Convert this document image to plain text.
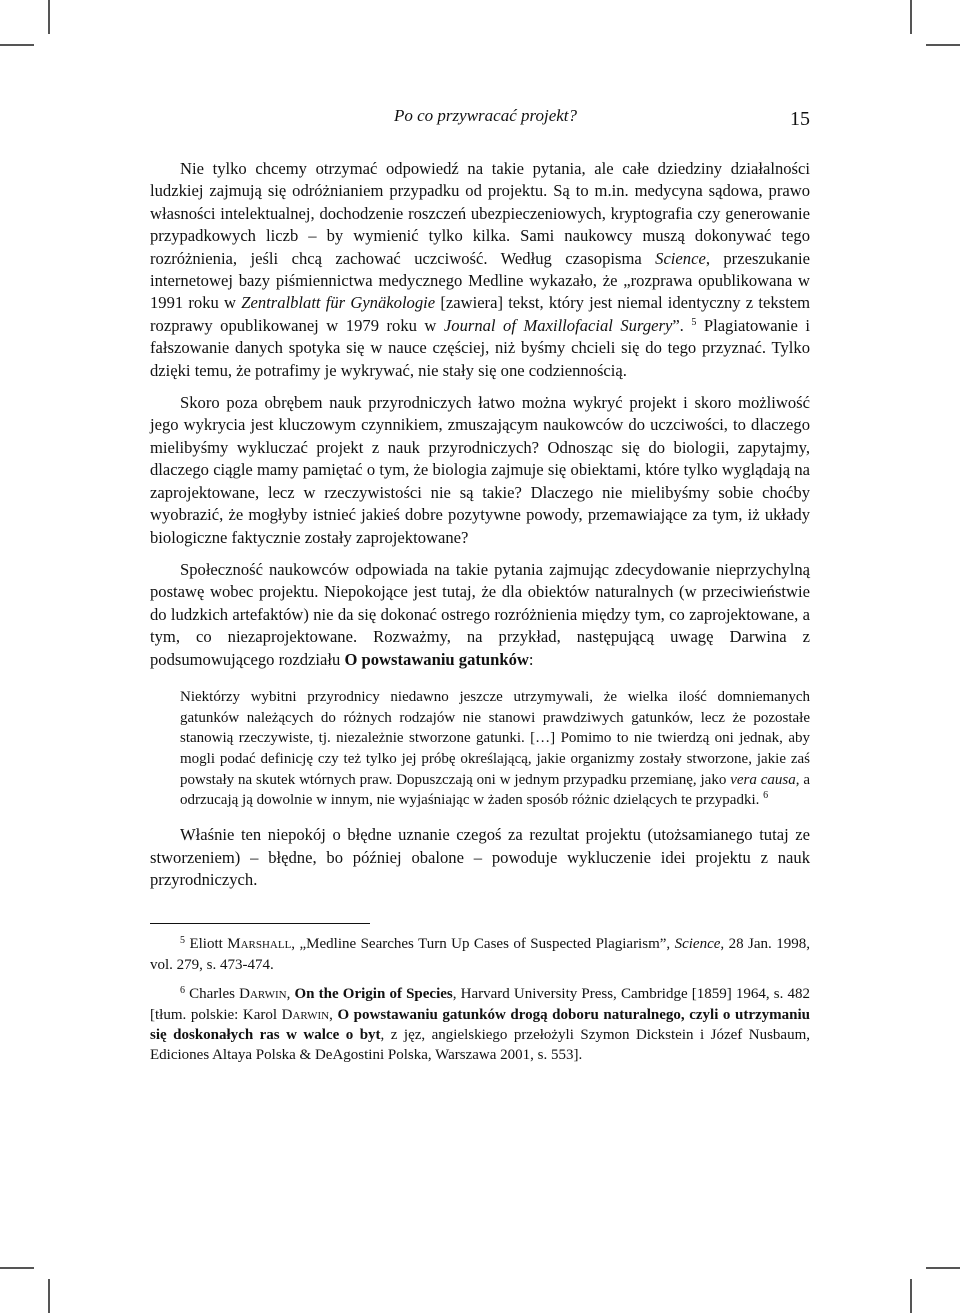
Po co przywracać projekt?	15

Nie tylko chcemy otrzymać odpowiedź na takie pytania, ale całe dziedziny działalności ludzkiej zajmują się odróżnianiem przypadku od projektu. Są to m.in. medycyna sądowa, prawo własności intelektualnej, dochodzenie roszczeń ubezpieczeniowych, kryptografia czy generowanie przypadkowych liczb – by wymienić tylko kilka. Sami naukowcy muszą dokonywać tego rozróżnienia, jeśli chcą zachować uczciwość. Według czasopisma Science, przeszukanie internetowej bazy piśmiennictwa medycznego Medline wykazało, że „rozprawa opublikowana w 1991 roku w Zentralblatt für Gynäkologie [zawiera] tekst, który jest niemal identyczny z tekstem rozprawy opublikowanej w 1979 roku w Journal of Maxillofacial Surgery”. $^5$ Plagiatowanie i fałszowanie danych spotyka się w nauce częściej, niż byśmy chcieli się do tego przyznać. Tylko dzięki temu, że potrafimy je wykrywać, nie stały się one codziennością.

Skoro poza obrębem nauk przyrodniczych łatwo można wykryć projekt i skoro możliwość jego wykrycia jest kluczowym czynnikiem, zmuszającym naukowców do uczciwości, to dlaczego mielibyśmy wykluczać projekt z nauk przyrodniczych? Odnosząc się do biologii, zapytajmy, dlaczego ciągle mamy pamiętać o tym, że biologia zajmuje się obiektami, które tylko wyglądają na zaprojektowane, lecz w rzeczywistości nie są takie? Dlaczego nie mielibyśmy sobie choćby wyobrazić, że mogłyby istnieć jakieś dobre pozytywne powody, przemawiające za tym, iż układy biologiczne faktycznie zostały zaprojektowane?

Społeczność naukowców odpowiada na takie pytania zajmując zdecydowanie nieprzychylną postawę wobec projektu. Niepokojące jest tutaj, że dla obiektów naturalnych (w przeciwieństwie do ludzkich artefaktów) nie da się dokonać ostrego rozróżnienia między tym, co zaprojektowane, a tym, co niezaprojektowane. Rozważmy, na przykład, następującą uwagę Darwina z podsumowującego rozdziału O powstawaniu gatunków:

Niektórzy wybitni przyrodnicy niedawno jeszcze utrzymywali, że wielka ilość domniemanych gatunków należących do różnych rodzajów nie stanowi prawdziwych gatunków, lecz że pozostałe stanowią rzeczywiste, tj. niezależnie stworzone gatunki. […] Pomimo to nie twierdzą oni jednak, aby mogli podać definicję czy też tylko jej próbę określającą, jakie organizmy zostały stworzone, jakie zaś powstały na skutek wtórnych praw. Dopuszczają oni w jednym przypadku przemianę, jako vera causa, a odrzucają ją dowolnie w innym, nie wyjaśniając w żaden sposób różnic dzielących te przypadki. $^6$

Właśnie ten niepokój o błędne uznanie czegoś za rezultat projektu (utożsamianego tutaj ze stworzeniem) – błędne, bo później obalone – powoduje wykluczenie idei projektu z nauk przyrodniczych.

$^5$ Eliott Marshall, „Medline Searches Turn Up Cases of Suspected Plagiarism”, Science, 28 Jan. 1998, vol. 279, s. 473-474.

$^6$ Charles Darwin, On the Origin of Species, Harvard University Press, Cambridge [1859] 1964, s. 482 [tłum. polskie: Karol Darwin, O powstawaniu gatunków drogą doboru naturalnego, czyli o utrzymaniu się doskonałych ras w walce o byt, z jęz, angielskiego przełożyli Szymon Dickstein i Józef Nusbaum, Ediciones Altaya Polska & DeAgostini Polska, Warszawa 2001, s. 553].
